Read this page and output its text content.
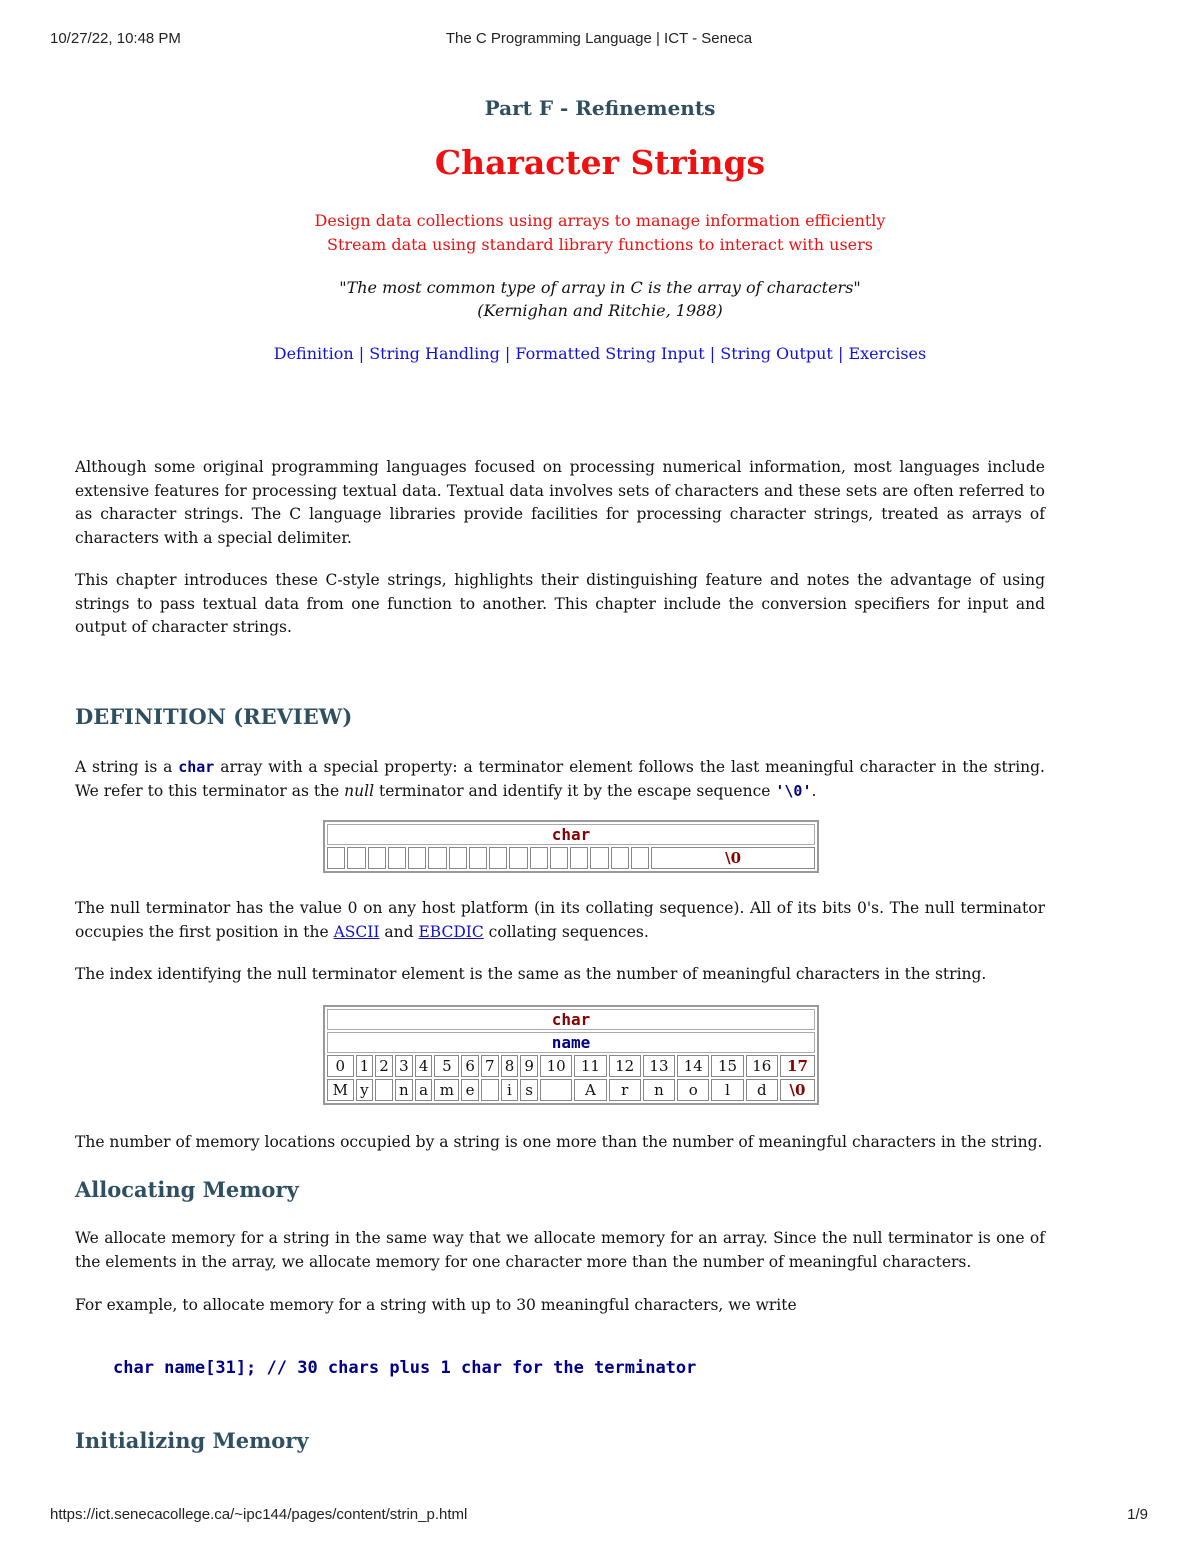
10/27/22, 10:48 PM	The C Programming Language | ICT - Seneca
Part F - Refinements
Character Strings
Design data collections using arrays to manage information efficiently
Stream data using standard library functions to interact with users
"The most common type of array in C is the array of characters"
(Kernighan and Ritchie, 1988)
Definition | String Handling | Formatted String Input | String Output | Exercises

Although some original programming languages focused on processing numerical information, most languages include extensive features for processing textual data. Textual data involves sets of characters and these sets are often referred to as character strings. The C language libraries provide facilities for processing character strings, treated as arrays of characters with a special delimiter.

This chapter introduces these C-style strings, highlights their distinguishing feature and notes the advantage of using strings to pass textual data from one function to another. This chapter include the conversion specifiers for input and output of character strings.

DEFINITION (REVIEW)

A string is a char array with a special property: a terminator element follows the last meaningful character in the string. We refer to this terminator as the null terminator and identify it by the escape sequence '\0'.

char
																\0

The null terminator has the value 0 on any host platform (in its collating sequence). All of its bits 0's. The null terminator occupies the first position in the ASCII and EBCDIC collating sequences.

The index identifying the null terminator element is the same as the number of meaningful characters in the string.

char																	
name																	
0	1	2	3	4	5	6	7	8	9	10	11	12	13	14	15	16	17
M	y		n	a	m	e		i	s		A	r	n	o	l	d	\0

The number of memory locations occupied by a string is one more than the number of meaningful characters in the string.

Allocating Memory

We allocate memory for a string in the same way that we allocate memory for an array. Since the null terminator is one of the elements in the array, we allocate memory for one character more than the number of meaningful characters.

For example, to allocate memory for a string with up to 30 meaningful characters, we write

char name[31]; // 30 chars plus 1 char for the terminator
Initializing Memory
https://ict.senecacollege.ca/~ipc144/pages/content/strin_p.html	1/9
